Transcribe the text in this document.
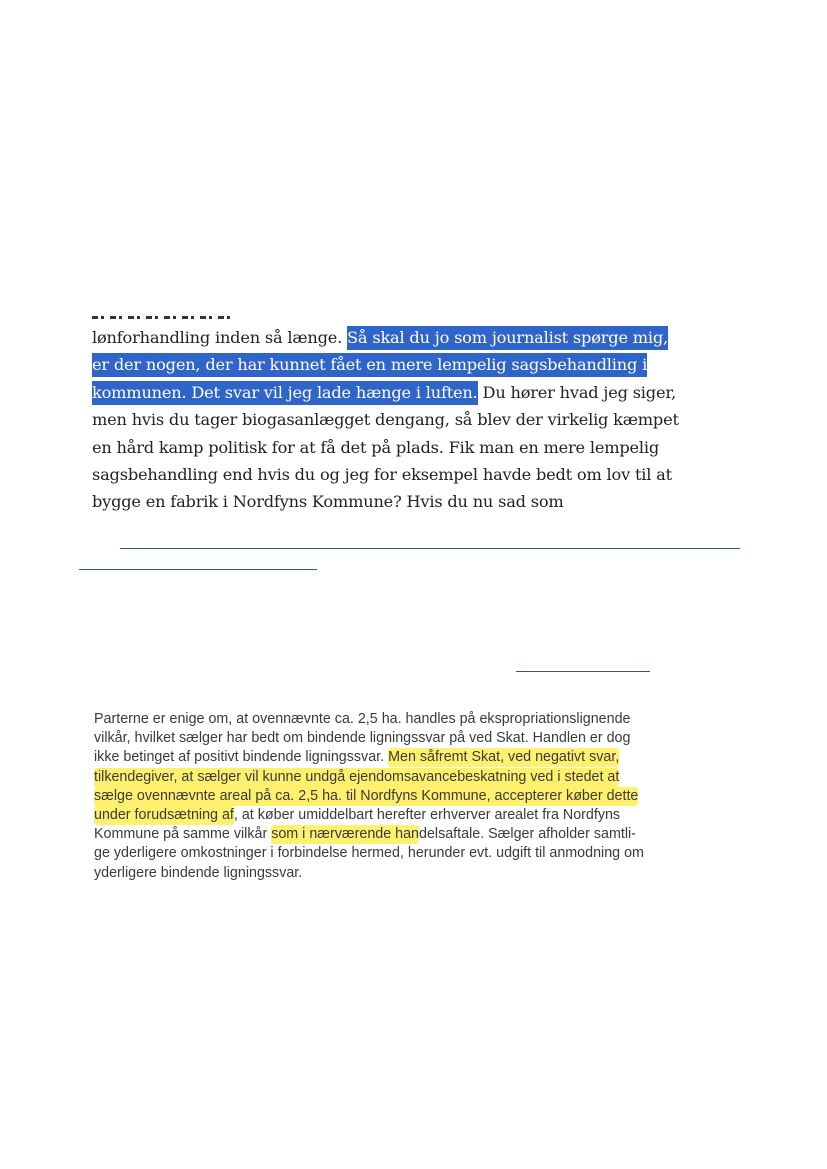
lønforhandling inden så længe. Så skal du jo som journalist spørge mig,
er der nogen, der har kunnet fået en mere lempelig sagsbehandling i
kommunen. Det svar vil jeg lade hænge i luften. Du hører hvad jeg siger,
men hvis du tager biogasanlægget dengang, så blev der virkelig kæmpet
en hård kamp politisk for at få det på plads. Fik man en mere lempelig
sagsbehandling end hvis du og jeg for eksempel havde bedt om lov til at
bygge en fabrik i Nordfyns Kommune? Hvis du nu sad som
Parterne er enige om, at ovennævnte ca. 2,5 ha. handles på ekspropriationslignende
vilkår, hvilket sælger har bedt om bindende ligningssvar på ved Skat. Handlen er dog
ikke betinget af positivt bindende ligningssvar. Men såfremt Skat, ved negativt svar,
tilkendegiver, at sælger vil kunne undgå ejendomsavancebeskatning ved i stedet at
sælge ovennævnte areal på ca. 2,5 ha. til Nordfyns Kommune, accepterer køber dette
under forudsætning af, at køber umiddelbart herefter erhverver arealet fra Nordfyns
Kommune på samme vilkår som i nærværende handelsaftale. Sælger afholder samtli-
ge yderligere omkostninger i forbindelse hermed, herunder evt. udgift til anmodning om
yderligere bindende ligningssvar.
